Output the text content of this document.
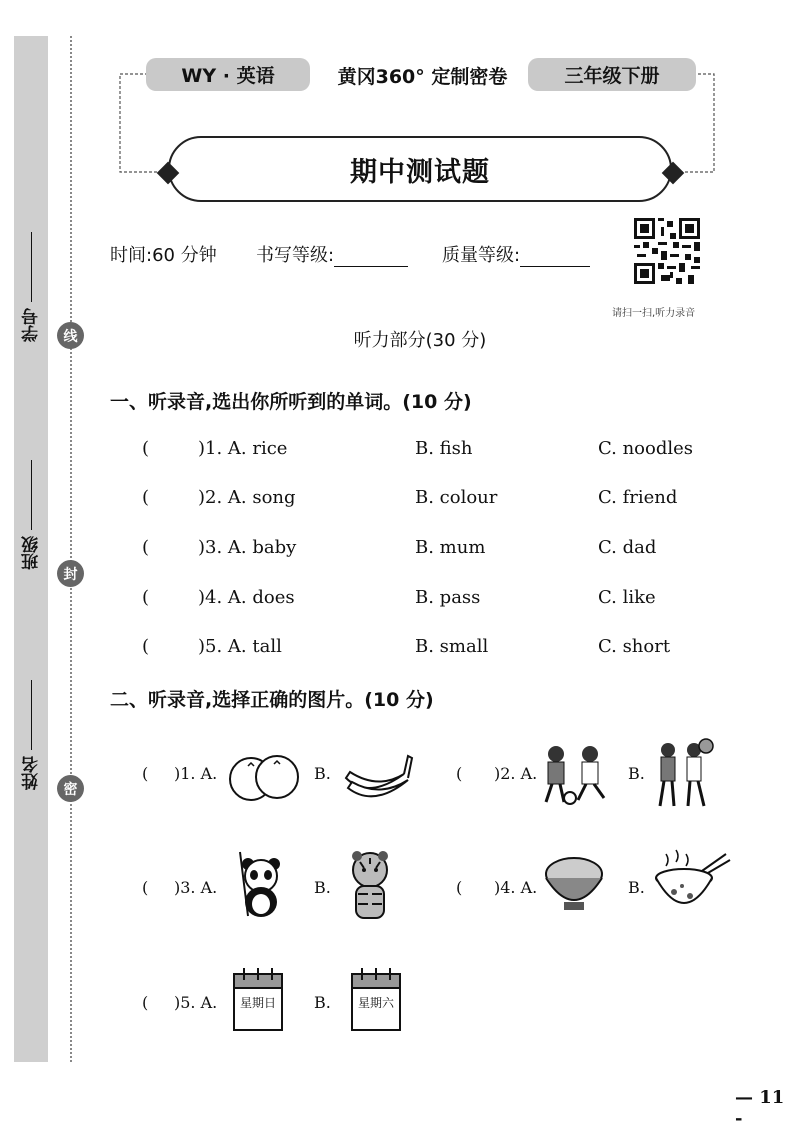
学号
班级
姓名
线
封
密
WY · 英语	黄冈360° 定制密卷	三年级下册
期中测试题
时间:60 分钟 书写等级:	质量等级:
请扫一扫,听力录音
听力部分(30 分)
一、听录音,选出你所听到的单词。(10 分)
(	)1. A. rice	B. fish	C. noodles
(	)2. A. song	B. colour	C. friend
(	)3. A. baby	B. mum	C. dad
(	)4. A. does	B. pass	C. like
(	)5. A. tall	B. small	C. short
二、听录音,选择正确的图片。(10 分)
( )1. A.	B.	( )2. A.	B.
( )3. A.	B.	( )4. A.	B.
( )5. A.	B.
星期日	星期六
— 11 -
